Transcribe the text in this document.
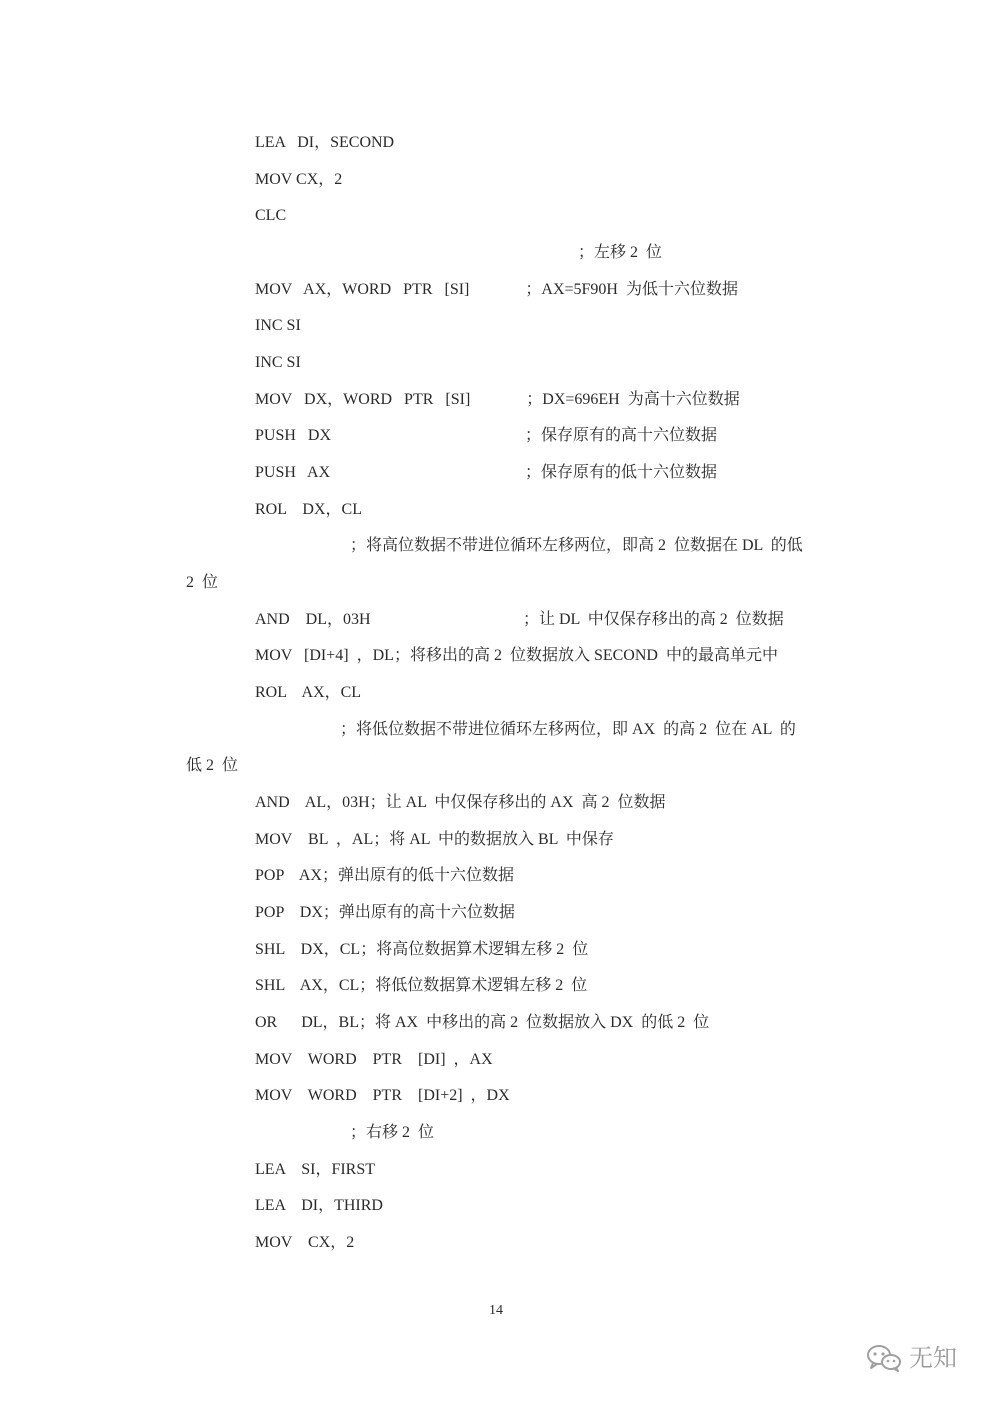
LEA   DI，SECOND

MOV CX，2

CLC

；左移 2  位

MOV   AX，WORD   PTR   [SI]              ；AX=5F90H  为低十六位数据

INC SI

INC SI

MOV   DX，WORD   PTR   [SI]              ；DX=696EH  为高十六位数据

PUSH   DX	；保存原有的高十六位数据

PUSH   AX	；保存原有的低十六位数据

ROL    DX，CL

；将高位数据不带进位循环左移两位，即高 2  位数据在 DL  的低

2  位

AND    DL，03H	；让 DL  中仅保存移出的高 2  位数据

MOV   [DI+4]  ，DL；将移出的高 2  位数据放入 SECOND  中的最高单元中

ROL    AX，CL

；将低位数据不带进位循环左移两位，即 AX  的高 2  位在 AL  的

低 2  位

AND    AL，03H；让 AL  中仅保存移出的 AX  高 2  位数据

MOV    BL  ，AL；将 AL  中的数据放入 BL  中保存

POP    AX；弹出原有的低十六位数据

POP    DX；弹出原有的高十六位数据

SHL    DX，CL；将高位数据算术逻辑左移 2  位

SHL    AX，CL；将低位数据算术逻辑左移 2  位

OR      DL，BL；将 AX  中移出的高 2  位数据放入 DX  的低 2  位

MOV    WORD    PTR    [DI]  ，AX

MOV    WORD    PTR    [DI+2]  ，DX

；右移 2  位

LEA    SI，FIRST

LEA    DI，THIRD

MOV    CX，2

14
无知
